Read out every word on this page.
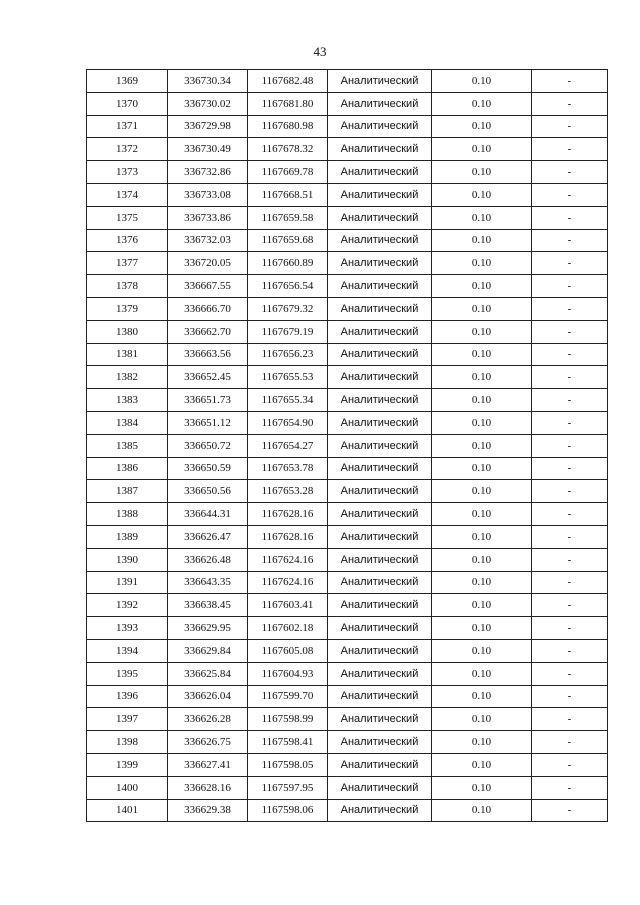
43
1369	336730.34	1167682.48	Аналитический	0.10	-
1370	336730.02	1167681.80	Аналитический	0.10	-
1371	336729.98	1167680.98	Аналитический	0.10	-
1372	336730.49	1167678.32	Аналитический	0.10	-
1373	336732.86	1167669.78	Аналитический	0.10	-
1374	336733.08	1167668.51	Аналитический	0.10	-
1375	336733.86	1167659.58	Аналитический	0.10	-
1376	336732.03	1167659.68	Аналитический	0.10	-
1377	336720.05	1167660.89	Аналитический	0.10	-
1378	336667.55	1167656.54	Аналитический	0.10	-
1379	336666.70	1167679.32	Аналитический	0.10	-
1380	336662.70	1167679.19	Аналитический	0.10	-
1381	336663.56	1167656.23	Аналитический	0.10	-
1382	336652.45	1167655.53	Аналитический	0.10	-
1383	336651.73	1167655.34	Аналитический	0.10	-
1384	336651.12	1167654.90	Аналитический	0.10	-
1385	336650.72	1167654.27	Аналитический	0.10	-
1386	336650.59	1167653.78	Аналитический	0.10	-
1387	336650.56	1167653.28	Аналитический	0.10	-
1388	336644.31	1167628.16	Аналитический	0.10	-
1389	336626.47	1167628.16	Аналитический	0.10	-
1390	336626.48	1167624.16	Аналитический	0.10	-
1391	336643.35	1167624.16	Аналитический	0.10	-
1392	336638.45	1167603.41	Аналитический	0.10	-
1393	336629.95	1167602.18	Аналитический	0.10	-
1394	336629.84	1167605.08	Аналитический	0.10	-
1395	336625.84	1167604.93	Аналитический	0.10	-
1396	336626.04	1167599.70	Аналитический	0.10	-
1397	336626.28	1167598.99	Аналитический	0.10	-
1398	336626.75	1167598.41	Аналитический	0.10	-
1399	336627.41	1167598.05	Аналитический	0.10	-
1400	336628.16	1167597.95	Аналитический	0.10	-
1401	336629.38	1167598.06	Аналитический	0.10	-
